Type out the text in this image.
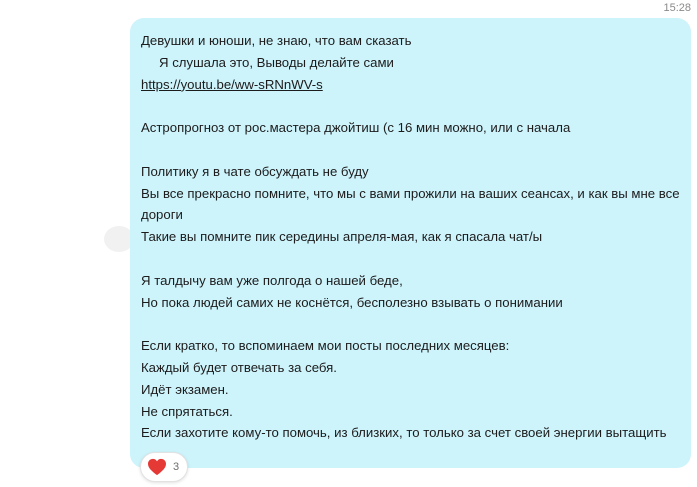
15:28
Девушки и юноши, не знаю, что вам сказать
Я слушала это, Выводы делайте сами
https://youtu.be/ww-sRNnWV-s
Астропрогноз от рос.мастера джойтиш (с 16 мин можно, или с начала
Политику я в чате обсуждать не буду
Вы все прекрасно помните, что мы с вами прожили на ваших сеансах, и как вы мне все дороги
Такие вы помните пик середины апреля-мая, как я спасала чат/ы
Я талдычу вам уже полгода о нашей беде,
Но пока людей самих не коснётся, бесполезно взывать о понимании
Если кратко, то вспоминаем мои посты последних месяцев:
Каждый будет отвечать за себя.
Идёт экзамен.
Не спрятаться.
Если захотите кому-то помочь, из близких, то только за счет своей энергии вытащить
3
